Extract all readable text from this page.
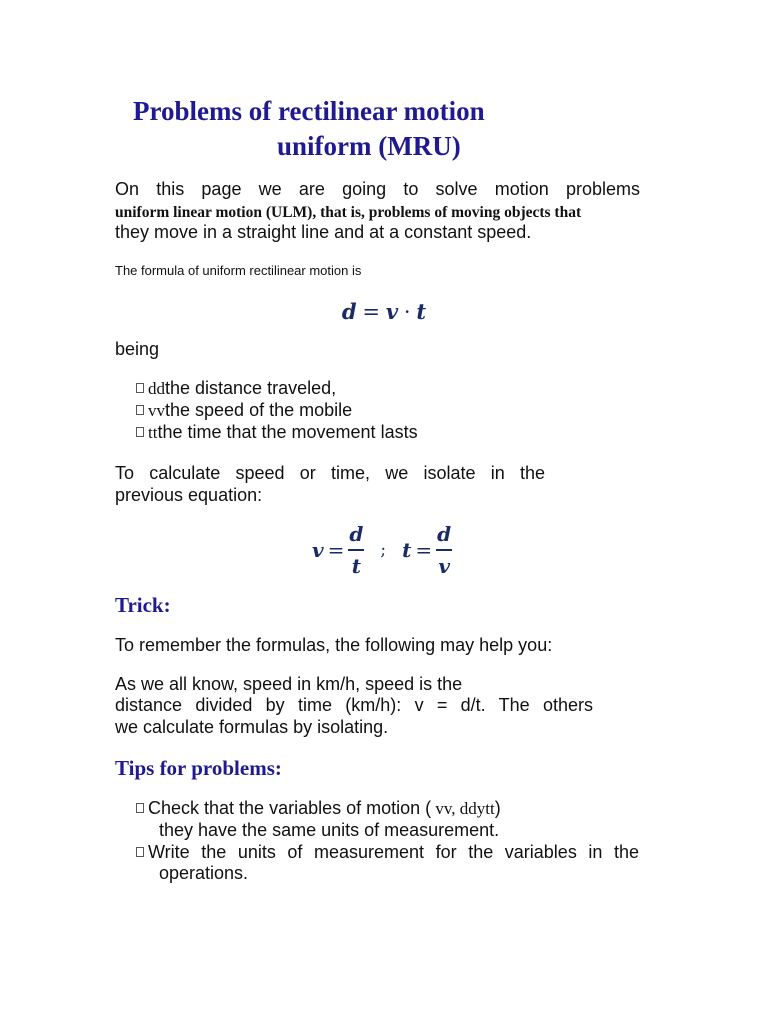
Problems of rectilinear motion
uniform (MRU)
On this page we are going to solve motion problems
uniform linear motion (ULM), that is, problems of moving objects that
they move in a straight line and at a constant speed.
The formula of uniform rectilinear motion is
d = v · t
being
ddthe distance traveled,
vvthe speed of the mobile
ttthe time that the movement lasts
To calculate speed or time, we isolate in the
previous equation:
$v = \frac{d}{t}$ ; $t = \frac{d}{v}$
Trick:
To remember the formulas, the following may help you:
As we all know, speed in km/h, speed is the
distance divided by time (km/h): v = d/t. The others
we calculate formulas by isolating.
Tips for problems:
Check that the variables of motion ( vv, ddytt)
they have the same units of measurement.
Write the units of measurement for the variables in the
operations.
